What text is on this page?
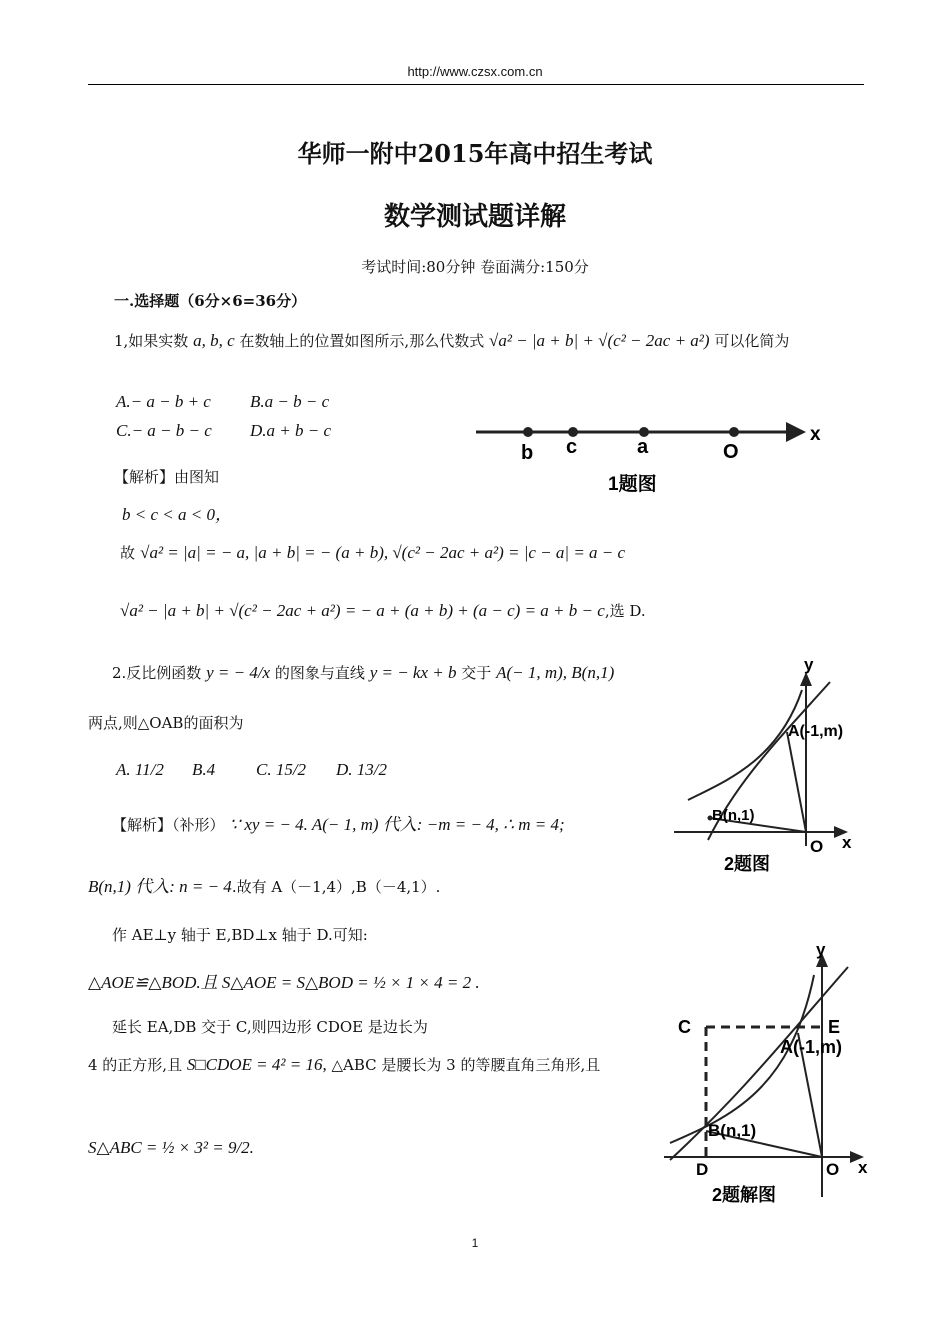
http://www.czsx.com.cn
华师一附中2015年高中招生考试
数学测试题详解
考试时间:80分钟 卷面满分:150分
一.选择题（6分×6=36分）
1,如果实数 a, b, c 在数轴上的位置如图所示,那么代数式 √a² − |a + b| + √(c² − 2ac + a²) 可以化简为
A.− a − b + c B.a − b − c
C.− a − b − c D.a + b − c	x
b c	a	O
1题图
【解析】由图知
b < c < a < 0，
故 √a² = |a| = − a, |a + b| = − (a + b), √(c² − 2ac + a²) = |c − a| = a − c
√a² − |a + b| + √(c² − 2ac + a²) = − a + (a + b) + (a − c) = a + b − c,选 D.
2.反比例函数 y = − 4/x 的图象与直线 y = − kx + b 交于 A(− 1, m), B(n,1)
两点,则△OAB的面积为
A. 11/2 B.4 C. 15/2 D. 13/2
【解析】（补形） ∵ xy = − 4. A(− 1, m) 代入: −m = − 4, ∴ m = 4;
B(n,1) 代入: n = − 4.故有 A（－1,4）,B（－4,1）.
作 AE⊥y 轴于 E,BD⊥x 轴于 D.可知:
△AOE≌△BOD.且 S△AOE = S△BOD = ½ × 1 × 4 = 2 .
延长 EA,DB 交于 C,则四边形 CDOE 是边长为
4 的正方形,且 S□CDOE = 4² = 16, △ABC 是腰长为 3 的等腰直角三角形,且
S△ABC = ½ × 3² = 9/2.
y
x
O
A(-1,m)
B(n,1)
2题图
y
x
O
C	E
D
A(-1,m)
B(n,1)
2题解图
1
